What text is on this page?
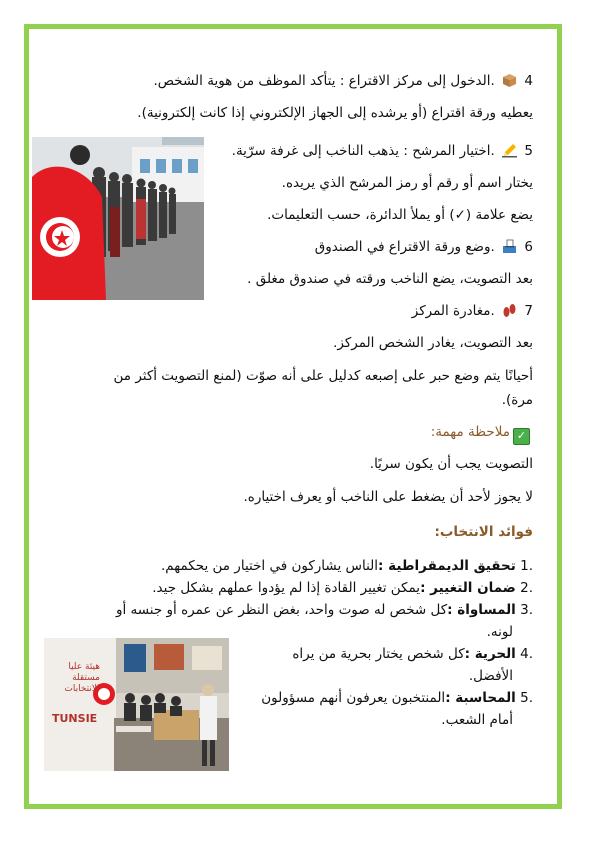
4  .الدخول إلى مركز الاقتراع : يتأكد الموظف من هوية الشخص.
يعطيه ورقة اقتراع (أو يرشده إلى الجهاز الإلكتروني إذا كانت إلكترونية).
5  .اختيار المرشح : يذهب الناخب إلى غرفة سرّية.
يختار اسم أو رقم أو رمز المرشح الذي يريده.
يضع علامة (✓) أو يملأ الدائرة، حسب التعليمات.
6  .وضع ورقة الاقتراع في الصندوق
بعد التصويت، يضع الناخب ورقته في صندوق مغلق .
7  .مغادرة المركز
بعد التصويت، يغادر الشخص المركز.
أحيانًا يتم وضع حبر على إصبعه كدليل على أنه صوّت (لمنع التصويت أكثر من
مرة).
✓ملاحظة مهمة:
التصويت يجب أن يكون سريًا.
لا يجوز لأحد أن يضغط على الناخب أو يعرف اختياره.
فوائد الانتخاب:
1. تحقيق الديمقراطية :الناس يشاركون في اختيار من يحكمهم.
2. ضمان التغيير :يمكن تغيير القادة إذا لم يؤدوا عملهم بشكل جيد.
3. المساواة :كل شخص له صوت واحد، بغض النظر عن عمره أو جنسه أو
لونه.
4. الحرية :كل شخص يختار بحرية من يراه
الأفضل.
5. المحاسبة :المنتخبون يعرفون أنهم مسؤولون
أمام الشعب.
هيئة عليا مستقلة للانتخابات
TUNSIE
